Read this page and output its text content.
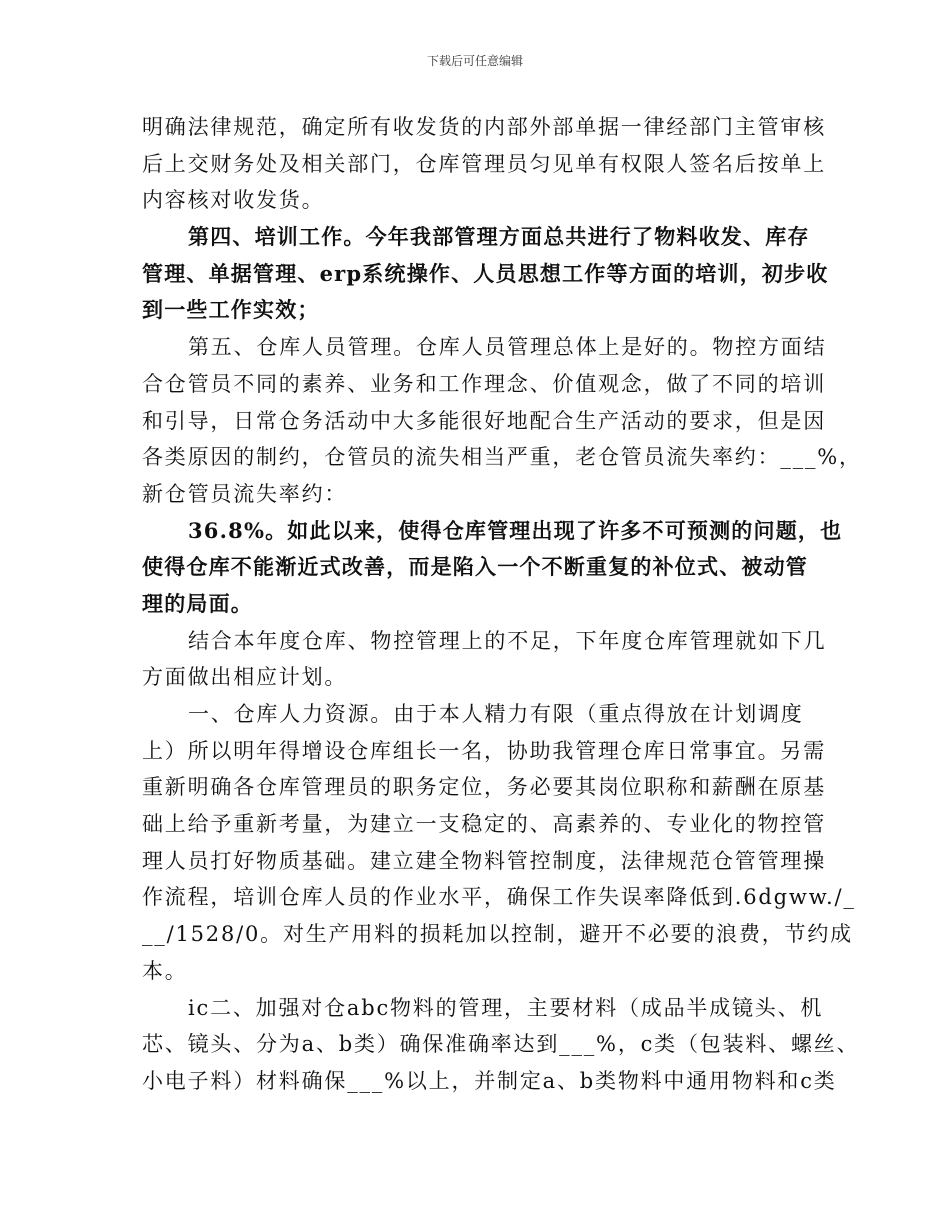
下载后可任意编辑
明确法律规范，确定所有收发货的内部外部单据一律经部门主管审核
后上交财务处及相关部门，仓库管理员匀见单有权限人签名后按单上
内容核对收发货。
第四、培训工作。今年我部管理方面总共进行了物料收发、库存
管理、单据管理、erp系统操作、人员思想工作等方面的培训，初步收
到一些工作实效；
第五、仓库人员管理。仓库人员管理总体上是好的。物控方面结
合仓管员不同的素养、业务和工作理念、价值观念，做了不同的培训
和引导，日常仓务活动中大多能很好地配合生产活动的要求，但是因
各类原因的制约，仓管员的流失相当严重，老仓管员流失率约：___%，
新仓管员流失率约：
36.8%。如此以来，使得仓库管理出现了许多不可预测的问题，也
使得仓库不能渐近式改善，而是陷入一个不断重复的补位式、被动管
理的局面。
结合本年度仓库、物控管理上的不足，下年度仓库管理就如下几
方面做出相应计划。
一、仓库人力资源。由于本人精力有限（重点得放在计划调度
上）所以明年得增设仓库组长一名，协助我管理仓库日常事宜。另需
重新明确各仓库管理员的职务定位，务必要其岗位职称和薪酬在原基
础上给予重新考量，为建立一支稳定的、高素养的、专业化的物控管
理人员打好物质基础。建立建全物料管控制度，法律规范仓管管理操
作流程，培训仓库人员的作业水平，确保工作失误率降低到.6dgww./_
__/1528/0。对生产用料的损耗加以控制，避开不必要的浪费，节约成
本。
ic二、加强对仓abc物料的管理，主要材料（成品半成镜头、机
芯、镜头、分为a、b类）确保准确率达到___%，c类（包装料、螺丝、
小电子料）材料确保___%以上，并制定a、b类物料中通用物料和c类
